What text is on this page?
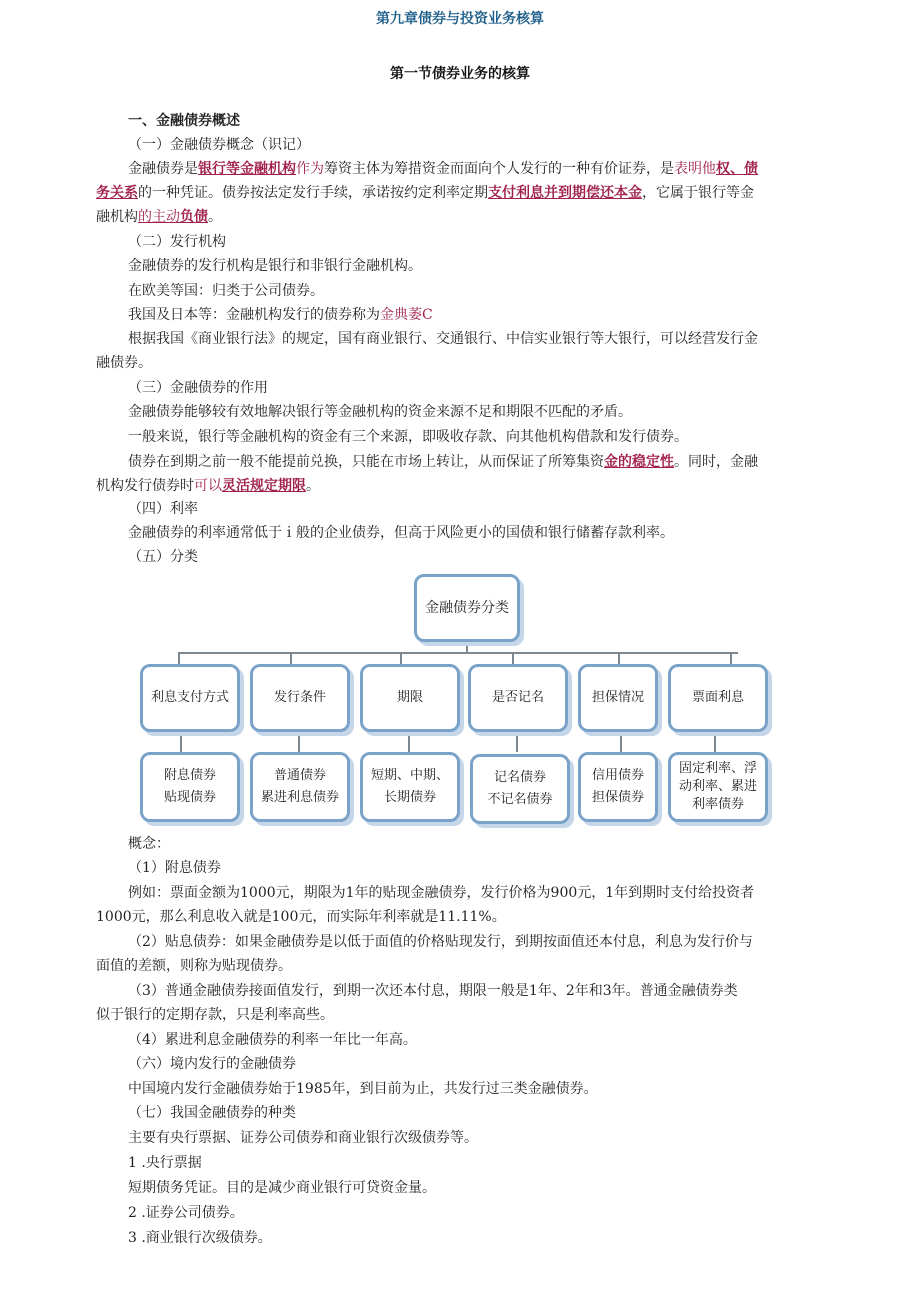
第九章债券与投资业务核算
第一节债券业务的核算
一、金融债券概述
（一）金融债券概念（识记）
金融债券是银行等金融机构作为筹资主体为筹措资金而面向个人发行的一种有价证券，是表明他权、债
务关系的一种凭证。债券按法定发行手续，承诺按约定利率定期支付利息并到期偿还本金，它属于银行等金
融机构的主动负债。
（二）发行机构
金融债券的发行机构是银行和非银行金融机构。
在欧美等国：归类于公司债券。
我国及日本等：金融机构发行的债券称为金典萎C
根据我国《商业银行法》的规定，国有商业银行、交通银行、中信实业银行等大银行，可以经营发行金
融债券。
（三）金融债券的作用
金融债券能够较有效地解决银行等金融机构的资金来源不足和期限不匹配的矛盾。
一般来说，银行等金融机构的资金有三个来源，即吸收存款、向其他机构借款和发行债券。
债券在到期之前一般不能提前兑换，只能在市场上转让，从而保证了所筹集资金的稳定性。同时，金融
机构发行债券时可以灵活规定期限。
（四）利率
金融债券的利率通常低于ｉ般的企业债券，但高于风险更小的国债和银行储蓄存款利率。
（五）分类
金融债券分类
利息支付方式	发行条件	期限	是否记名	担保情况	票面利息
附息债券
贴现债券
普通债券
累进利息债券
短期、中期、
长期债券
记名债券
不记名债券
信用债券
担保债券
固定利率、浮
动利率、累进
利率债券
概念：
（1）附息债券
例如：票面金额为1000元，期限为1年的贴现金融债券，发行价格为900元，1年到期时支付给投资者
1000元，那么利息收入就是100元，而实际年利率就是11.11%。
（2）贴息债券：如果金融债券是以低于面值的价格贴现发行，到期按面值还本付息，利息为发行价与
面值的差额，则称为贴现债券。
（3）普通金融债券接面值发行，到期一次还本付息，期限一般是1年、2年和3年。普通金融债券类
似于银行的定期存款，只是利率高些。
（4）累进利息金融债券的利率一年比一年高。
（六）境内发行的金融债券
中国境内发行金融债券始于1985年，到目前为止，共发行过三类金融债券。
（七）我国金融债券的种类
主要有央行票据、证券公司债券和商业银行次级债券等。
1 .央行票据
短期债务凭证。目的是减少商业银行可贷资金量。
2 .证券公司债券。
3 .商业银行次级债券。
